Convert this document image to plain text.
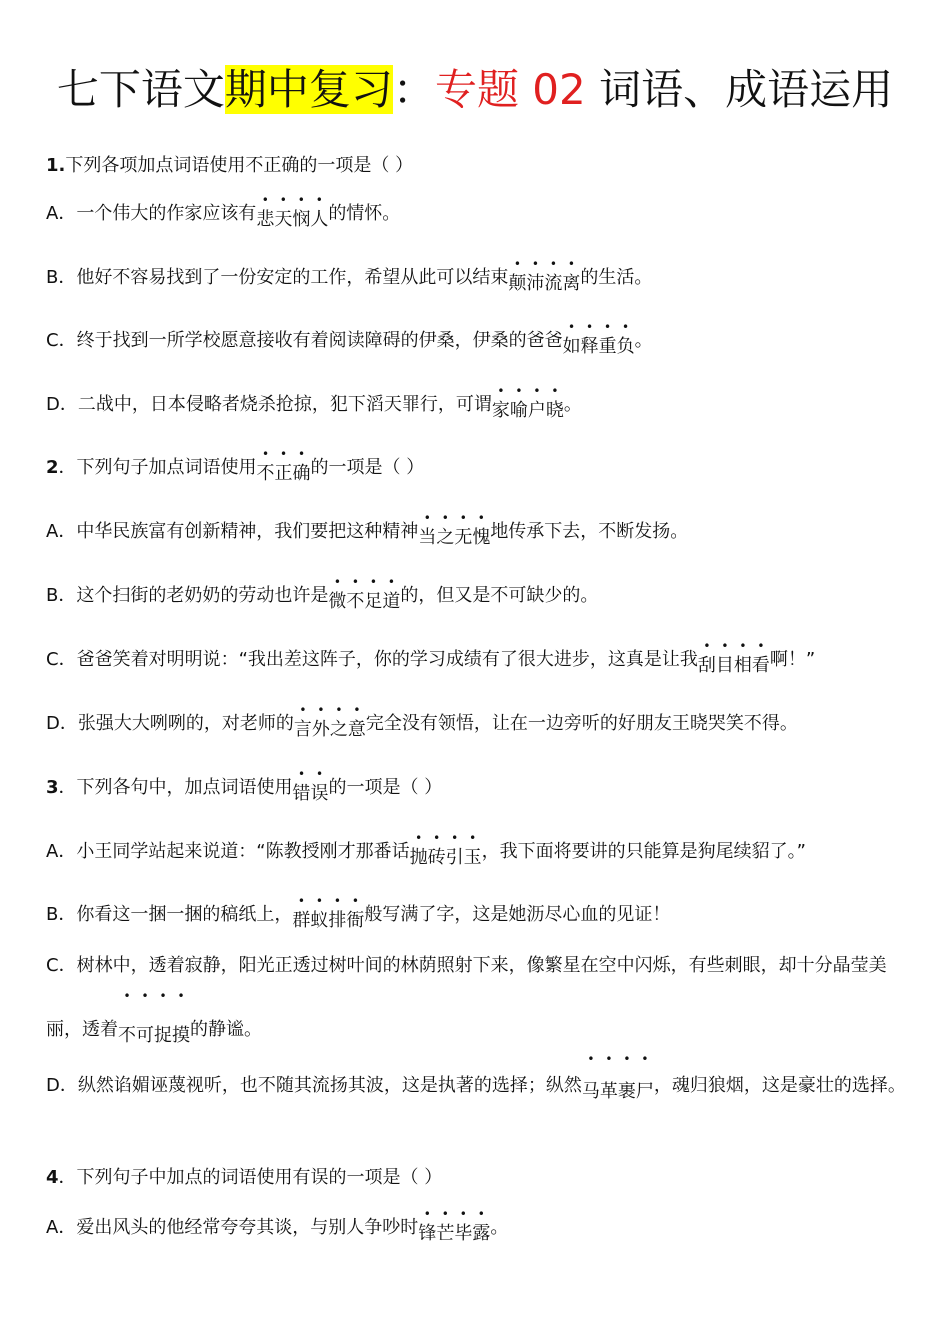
七下语文期中复习：专题 02 词语、成语运用
1.下列各项加点词语使用不正确的一项是（ ）
A．一个伟大的作家应该有悲天悯人的情怀。
B．他好不容易找到了一份安定的工作，希望从此可以结束颠沛流离的生活。
C．终于找到一所学校愿意接收有着阅读障碍的伊桑，伊桑的爸爸如释重负。
D．二战中，日本侵略者烧杀抢掠，犯下滔天罪行，可谓家喻户晓。
2．下列句子加点词语使用不正确的一项是（ ）
A．中华民族富有创新精神，我们要把这种精神当之无愧地传承下去，不断发扬。
B．这个扫街的老奶奶的劳动也许是微不足道的，但又是不可缺少的。
C．爸爸笑着对明明说：“我出差这阵子，你的学习成绩有了很大进步，这真是让我刮目相看啊！”
D．张强大大咧咧的，对老师的言外之意完全没有领悟，让在一边旁听的好朋友王晓哭笑不得。
3．下列各句中，加点词语使用错误的一项是（ ）
A．小王同学站起来说道：“陈教授刚才那番话抛砖引玉，我下面将要讲的只能算是狗尾续貂了。”
B．你看这一捆一捆的稿纸上，群蚁排衙般写满了字，这是她沥尽心血的见证！
C．树林中，透着寂静，阳光正透过树叶间的林荫照射下来，像繁星在空中闪烁，有些刺眼，却十分晶莹美丽，透着不可捉摸的静谧。
D．纵然谄媚诬蔑视听，也不随其流扬其波，这是执著的选择；纵然马革裹尸，魂归狼烟，这是豪壮的选择。
4．下列句子中加点的词语使用有误的一项是（ ）
A．爱出风头的他经常夸夸其谈，与别人争吵时锋芒毕露。
